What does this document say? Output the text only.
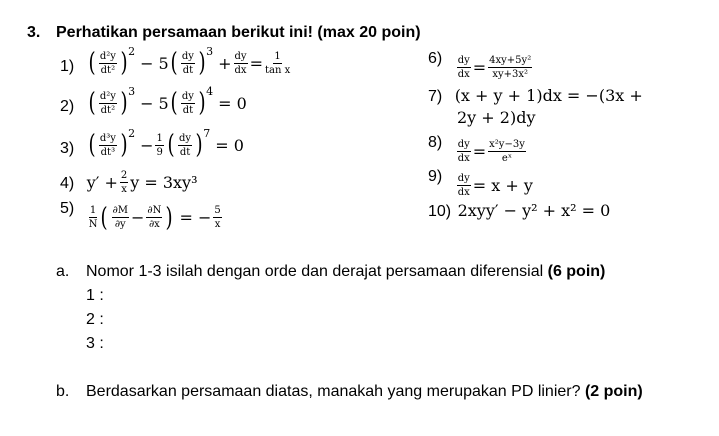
3. Perhatikan persamaan berikut ini! (max 20 poin)
1) ( $\frac{\text{d²y}}{\text{dt²}}$ ) 2
− 5 ( $\frac{dy}{dt}$ ) 3
+ $\frac{dy}{dx} = \frac{1}{\text{tan x}}$
2) ( $\frac{\text{d²y}}{\text{dt²}}$ ) 3
− 5 ( $\frac{dy}{dt}$ ) 4
= 0
3) ( $\frac{\text{d³y}}{\text{dt³}}$ ) 2
− $\frac{1}{9}$ ( $\frac{dy}{dt}$ ) 7
= 0
4) $y' + \frac{2}{x}$ y = 3xy³
$5) \frac{1}{N}$ ( $\frac{\partial M}{\partial y} - \frac{\partial N}{\partial x}$ ) = − $\frac{5}{x}$
$6) \frac{dy}{dx} = \frac{\text{4xy+5y²}}{\text{xy+3x²}}$
7) (x + y + 1)dx = −(3x +
2y + 2)dy
$8) \frac{dy}{dx} = \frac{\text{x²y−3y}}{\text{eˣ}}$
$9) \frac{dy}{dx} = x + y$
10) 2xyy′ − y² + x² = 0
a. Nomor 1-3 isilah dengan orde dan derajat persamaan diferensial (6 poin)
1 :
2 :
3 :
b. Berdasarkan persamaan diatas, manakah yang merupakan PD linier? (2 poin)
